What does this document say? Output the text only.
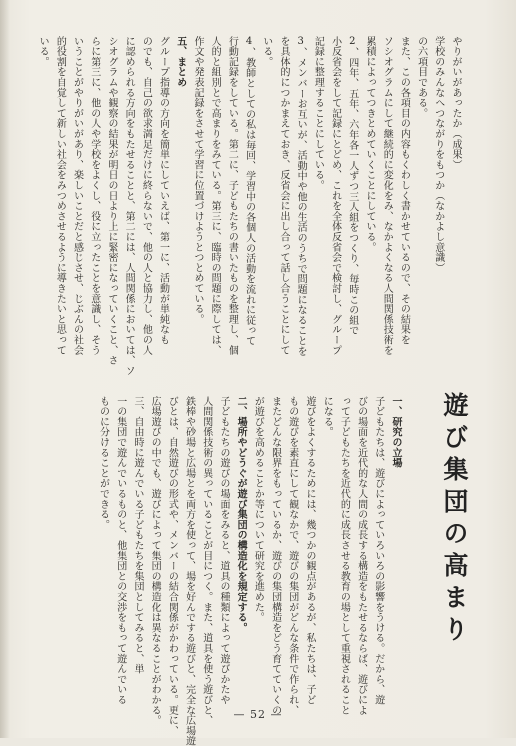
やりがいがあったか（成果）
学校のみんなへつながりをもつか（なかよし意識）
の六項目である。
また、この各項目の内容もくわしく書かせているので、その結果を
ソシオグラムにして継続的に変化をみ、なかよくなる人間関係技術を
累積によってつきとめていくことにしている。
2、四年、五年、六年各一人ずつ三人組をつくり、毎時この組で
小反省会をして記録にとどめ、これを全体反省会で検討し、グループ
記録に整理することにしている。
3、メンバーお互いが、活動中や他の生活のうちで問題になることを
を具体的につかまえておき、反省会に出し合って話し合うことにして
いる。
4、教師としての私は毎回、学習中の各個人の活動を流れに従って
行動記録をしている。第二に、子どもたちの書いたものを整理し、個
人的と組別とで高まりをみている。第三に、臨時の問題に際しては、
作文や発表記録をさせて学習に位置づけようとつとめている。
五、まとめ
グループ指導の方向を簡単にしていえば、第一に、活動が単純なも
のでも、自己の欲求満足だけに終らないで、他の人と協力し、他の人
に認められる方向をもたせることと、第二には、人間関係においては、ソ
シオグラムや観察の結果が明日の日より上に緊密になっていくこと、さ
らに第三に、他の人や学校をよくし、役に立ったことを意識し、そう
いうことがやりがいがあり、楽しいことだと感じさせ、じぶんの社会
的役割を自覚して新しい社会をみつめさせるように導きたいと思って
いる。
遊び集団の高まり
一、研究の立場
子どもたちは、遊びによっていろいろの影響をうける。だから、遊
びの場面を近代的な人間の成長する構造をもたせるならば、遊びによ
って子どもたちを近代的に成長させる教育の場として重視されること
になる。
遊びをよくするためには、幾つかの観点があるが、私たちは、子ど
もの遊びを素直にして観なかで、遊びの集団がどんな条件で作られ、
またどんな限界をもっているか、遊びの集団構造をどう育てていくの
が遊びを高めることか等について研究を進めた。
二、場所やどうぐが遊び集団の構造化を規定する。
子どもたちの遊びの場面をみると、道具の種類によって遊びかたや
人間関係技術の異っていることが目につく。また、道具を使う遊びと、
鉄棒や砂場と広場とを両方を使って、場を好んでする遊びと、完全な広場遊
びとは、自然遊びの形式や、メンバーの結合関係がかわっている。更に、
広場遊びの中でも、遊びによって集団の構造化は異なることがわかる。
三、自由時に遊んでいる子どもたちを集団としてみると、単
一の集団で遊んでいるものと、他集団との交渉をもって遊んでいる
ものに分けることができる。
— 52 —
